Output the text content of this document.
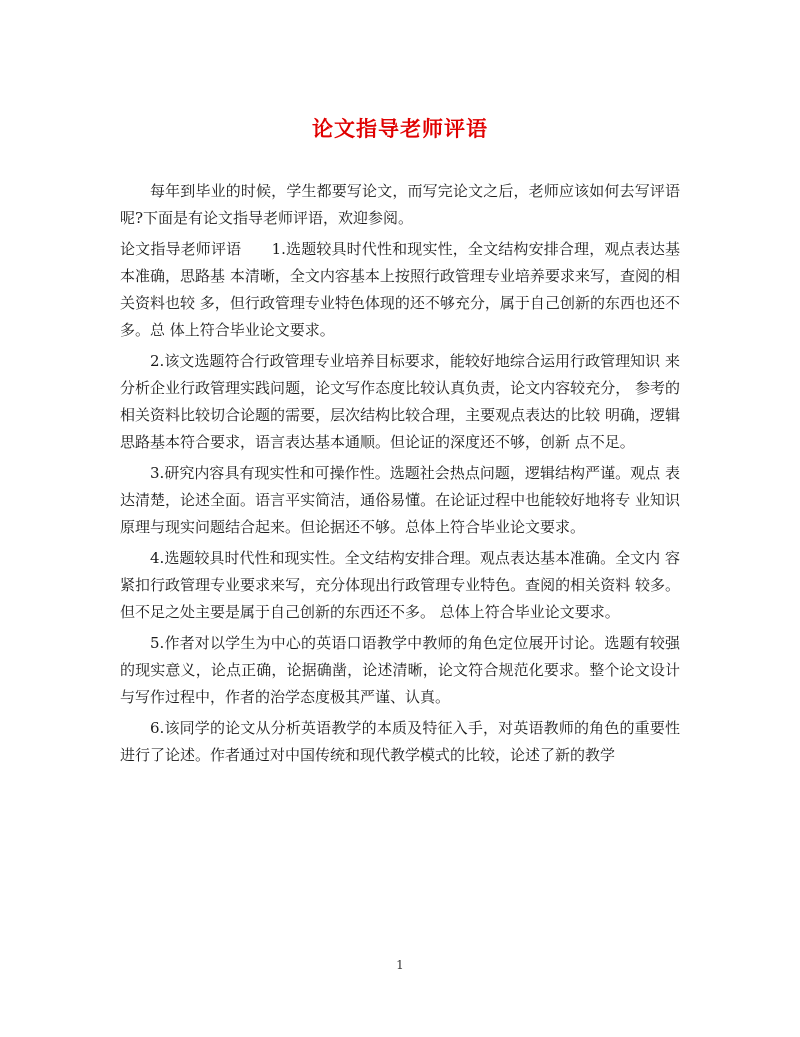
论文指导老师评语

每年到毕业的时候，学生都要写论文，而写完论文之后，老师应该如何去写评语呢?下面是有论文指导老师评语，欢迎参阅。

论文指导老师评语　　1.选题较具时代性和现实性，全文结构安排合理，观点表达基本准确，思路基 本清晰，全文内容基本上按照行政管理专业培养要求来写，查阅的相关资料也较 多，但行政管理专业特色体现的还不够充分，属于自己创新的东西也还不多。总 体上符合毕业论文要求。

2.该文选题符合行政管理专业培养目标要求，能较好地综合运用行政管理知识 来分析企业行政管理实践问题，论文写作态度比较认真负责，论文内容较充分， 参考的相关资料比较切合论题的需要，层次结构比较合理，主要观点表达的比较 明确，逻辑思路基本符合要求，语言表达基本通顺。但论证的深度还不够，创新 点不足。

3.研究内容具有现实性和可操作性。选题社会热点问题，逻辑结构严谨。观点 表达清楚，论述全面。语言平实简洁，通俗易懂。在论证过程中也能较好地将专 业知识原理与现实问题结合起来。但论据还不够。总体上符合毕业论文要求。

4.选题较具时代性和现实性。全文结构安排合理。观点表达基本准确。全文内 容紧扣行政管理专业要求来写，充分体现出行政管理专业特色。查阅的相关资料 较多。 但不足之处主要是属于自己创新的东西还不多。 总体上符合毕业论文要求。

5.作者对以学生为中心的英语口语教学中教师的角色定位展开讨论。选题有较强的现实意义，论点正确，论据确凿，论述清晰，论文符合规范化要求。整个论文设计与写作过程中，作者的治学态度极其严谨、认真。

6.该同学的论文从分析英语教学的本质及特征入手，对英语教师的角色的重要性进行了论述。作者通过对中国传统和现代教学模式的比较，论述了新的教学

1
